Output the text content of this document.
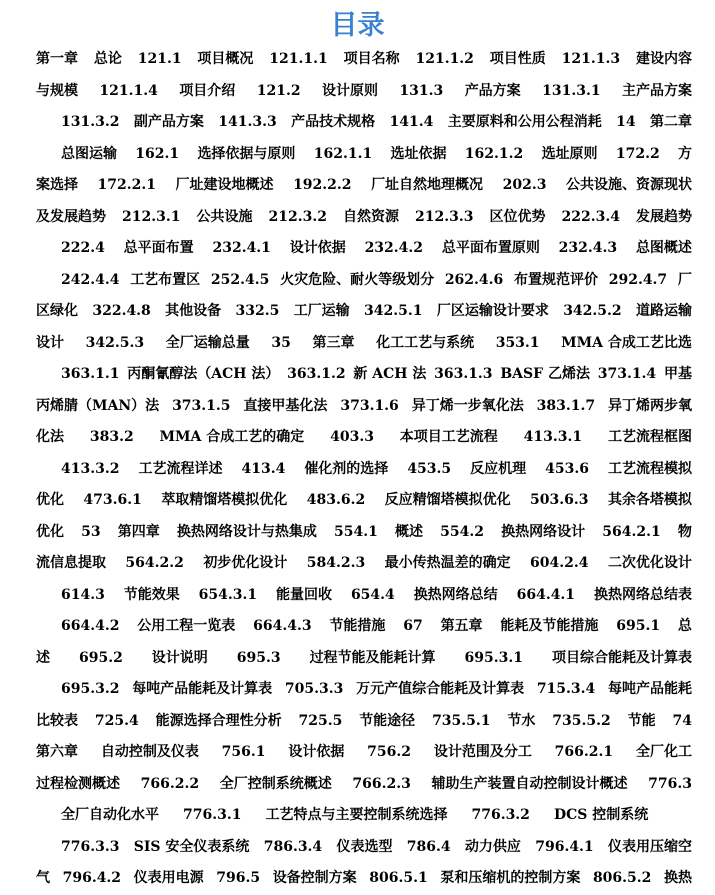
目录
第一章 总论 121.1 项目概况 121.1.1 项目名称 121.1.2 项目性质 121.1.3 建设内容
与规模 121.1.4 项目介绍 121.2 设计原则 131.3 产品方案 131.3.1 主产品方案
131.3.2 副产品方案 141.3.3 产品技术规格 141.4 主要原料和公用公程消耗 14 第二章
总图运输 162.1 选择依据与原则 162.1.1 选址依据 162.1.2 选址原则 172.2 方
案选择 172.2.1 厂址建设地概述 192.2.2 厂址自然地理概况 202.3 公共设施、资源现状
及发展趋势 212.3.1 公共设施 212.3.2 自然资源 212.3.3 区位优势 222.3.4 发展趋势
222.4 总平面布置 232.4.1 设计依据 232.4.2 总平面布置原则 232.4.3 总图概述
242.4.4 工艺布置区 252.4.5 火灾危险、耐火等级划分 262.4.6 布置规范评价 292.4.7 厂
区绿化 322.4.8 其他设备 332.5 工厂运输 342.5.1 厂区运输设计要求 342.5.2 道路运输
设计 342.5.3 全厂运输总量 35 第三章 化工工艺与系统 353.1 MMA 合成工艺比选
363.1.1 丙酮氰醇法（ACH 法） 363.1.2 新 ACH 法 363.1.3 BASF 乙烯法 373.1.4 甲基
丙烯腈（MAN）法 373.1.5 直接甲基化法 373.1.6 异丁烯一步氧化法 383.1.7 异丁烯两步氧
化法 383.2 MMA 合成工艺的确定 403.3 本项目工艺流程 413.3.1 工艺流程框图
413.3.2 工艺流程详述 413.4 催化剂的选择 453.5 反应机理 453.6 工艺流程模拟
优化 473.6.1 萃取精馏塔模拟优化 483.6.2 反应精馏塔模拟优化 503.6.3 其余各塔模拟
优化 53 第四章 换热网络设计与热集成 554.1 概述 554.2 换热网络设计 564.2.1 物
流信息提取 564.2.2 初步优化设计 584.2.3 最小传热温差的确定 604.2.4 二次优化设计
614.3 节能效果 654.3.1 能量回收 654.4 换热网络总结 664.4.1 换热网络总结表
664.4.2 公用工程一览表 664.4.3 节能措施 67 第五章 能耗及节能措施 695.1 总
述 695.2 设计说明 695.3 过程节能及能耗计算 695.3.1 项目综合能耗及计算表
695.3.2 每吨产品能耗及计算表 705.3.3 万元产值综合能耗及计算表 715.3.4 每吨产品能耗
比较表 725.4 能源选择合理性分析 725.5 节能途径 735.5.1 节水 735.5.2 节能 74
第六章 自动控制及仪表 756.1 设计依据 756.2 设计范围及分工 766.2.1 全厂化工
过程检测概述 766.2.2 全厂控制系统概述 766.2.3 辅助生产装置自动控制设计概述 776.3
全厂自动化水平 776.3.1 工艺特点与主要控制系统选择 776.3.2 DCS 控制系统
776.3.3 SIS 安全仪表系统 786.3.4 仪表选型 786.4 动力供应 796.4.1 仪表用压缩空
气 796.4.2 仪表用电源 796.5 设备控制方案 806.5.1 泵和压缩机的控制方案 806.5.2 换热
